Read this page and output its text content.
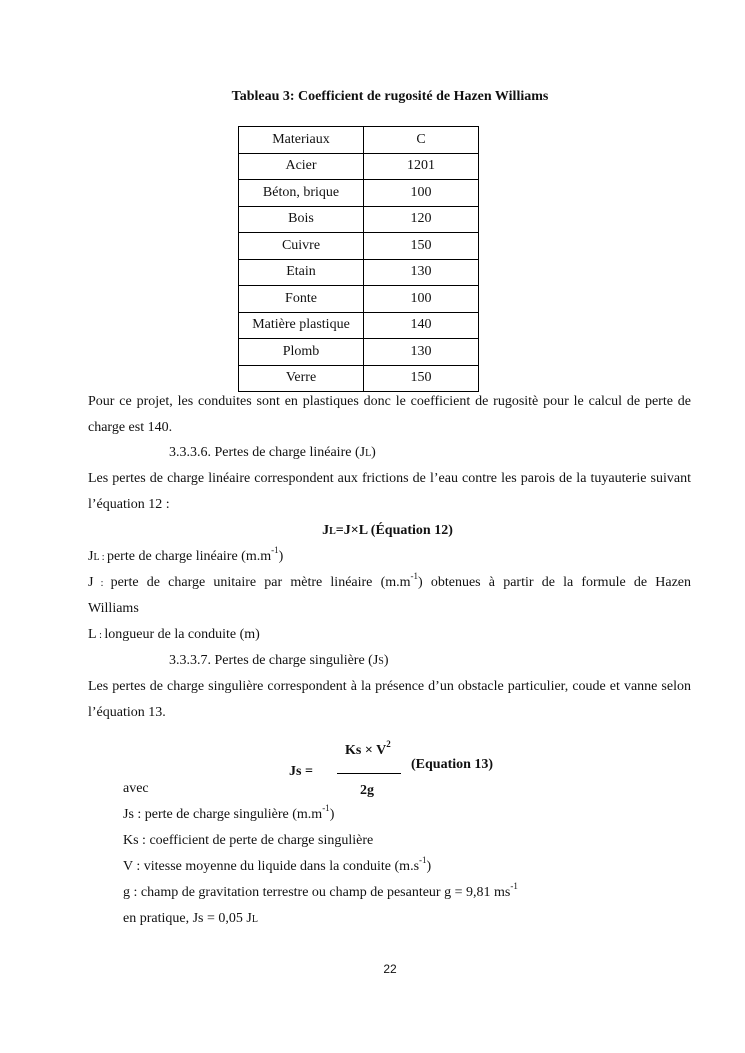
Tableau 3: Coefficient de rugosité de Hazen Williams
Materiaux	C
Acier	1201
Béton, brique	100
Bois	120
Cuivre	150
Etain	130
Fonte	100
Matière plastique	140
Plomb	130
Verre	150
Pour ce projet, les conduites sont en plastiques donc le coefficient de rugositè pour le calcul de perte de charge est 140.
3.3.3.6. Pertes de charge linéaire (JL)
Les pertes de charge linéaire correspondent aux frictions de l’eau contre les parois de la tuyauterie suivant l’équation 12 :
JL=J×L (Équation 12)
JL : perte de charge linéaire $(m.m^{-1})$
J : perte de charge unitaire par mètre linéaire $(m.m^{-1})$ obtenues à partir de la formule de Hazen
Williams
L : longueur de la conduite (m)
3.3.3.7. Pertes de charge singulière (JS)
Les pertes de charge singulière correspondent à la présence d’un obstacle particulier, coude et vanne selon l’équation 13.
$Ks \times V^2$
Js =
2g
(Equation 13)
avec
Js : perte de charge singulière $(m.m^{-1})$
Ks : coefficient de perte de charge singulière
V : vitesse moyenne du liquide dans la conduite $(m.s^{-1})$
g : champ de gravitation terrestre ou champ de pesanteur g = 9,81 $ms^{-1}$
en pratique, Js = 0,05 JL
22
